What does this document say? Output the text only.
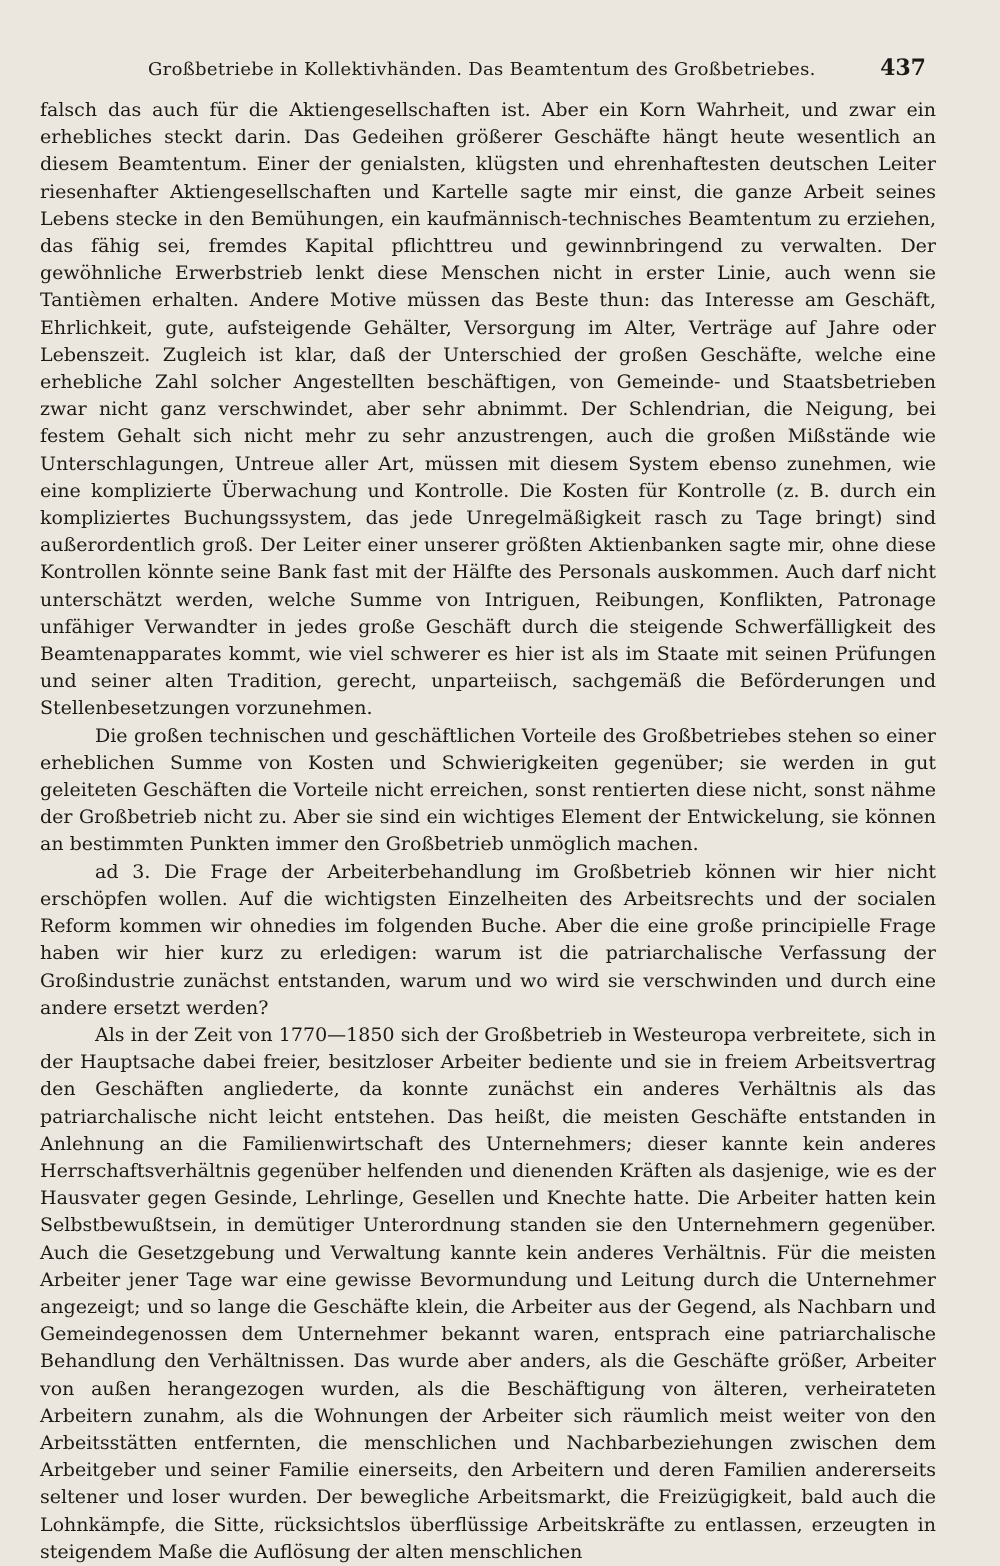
Großbetriebe in Kollektivhänden. Das Beamtentum des Großbetriebes.	437

falsch das auch für die Aktiengesellschaften ist. Aber ein Korn Wahrheit, und zwar ein erhebliches steckt darin. Das Gedeihen größerer Geschäfte hängt heute wesentlich an diesem Beamtentum. Einer der genialsten, klügsten und ehrenhaftesten deutschen Leiter riesenhafter Aktiengesellschaften und Kartelle sagte mir einst, die ganze Arbeit seines Lebens stecke in den Bemühungen, ein kaufmännisch-technisches Beamtentum zu erziehen, das fähig sei, fremdes Kapital pflichttreu und gewinnbringend zu verwalten. Der gewöhnliche Erwerbstrieb lenkt diese Menschen nicht in erster Linie, auch wenn sie Tantièmen erhalten. Andere Motive müssen das Beste thun: das Interesse am Geschäft, Ehrlichkeit, gute, aufsteigende Gehälter, Versorgung im Alter, Verträge auf Jahre oder Lebenszeit. Zugleich ist klar, daß der Unterschied der großen Geschäfte, welche eine erhebliche Zahl solcher Angestellten beschäftigen, von Gemeinde- und Staatsbetrieben zwar nicht ganz verschwindet, aber sehr abnimmt. Der Schlendrian, die Neigung, bei festem Gehalt sich nicht mehr zu sehr anzustrengen, auch die großen Mißstände wie Unterschlagungen, Untreue aller Art, müssen mit diesem System ebenso zunehmen, wie eine komplizierte Überwachung und Kontrolle. Die Kosten für Kontrolle (z. B. durch ein kompliziertes Buchungssystem, das jede Unregelmäßigkeit rasch zu Tage bringt) sind außerordentlich groß. Der Leiter einer unserer größten Aktienbanken sagte mir, ohne diese Kontrollen könnte seine Bank fast mit der Hälfte des Personals auskommen. Auch darf nicht unterschätzt werden, welche Summe von Intriguen, Reibungen, Konflikten, Patronage unfähiger Verwandter in jedes große Geschäft durch die steigende Schwerfälligkeit des Beamtenapparates kommt, wie viel schwerer es hier ist als im Staate mit seinen Prüfungen und seiner alten Tradition, gerecht, unparteiisch, sachgemäß die Beförderungen und Stellenbesetzungen vorzunehmen.

Die großen technischen und geschäftlichen Vorteile des Großbetriebes stehen so einer erheblichen Summe von Kosten und Schwierigkeiten gegenüber; sie werden in gut geleiteten Geschäften die Vorteile nicht erreichen, sonst rentierten diese nicht, sonst nähme der Großbetrieb nicht zu. Aber sie sind ein wichtiges Element der Entwickelung, sie können an bestimmten Punkten immer den Großbetrieb unmöglich machen.

ad 3. Die Frage der Arbeiterbehandlung im Großbetrieb können wir hier nicht erschöpfen wollen. Auf die wichtigsten Einzelheiten des Arbeitsrechts und der socialen Reform kommen wir ohnedies im folgenden Buche. Aber die eine große principielle Frage haben wir hier kurz zu erledigen: warum ist die patriarchalische Verfassung der Großindustrie zunächst entstanden, warum und wo wird sie verschwinden und durch eine andere ersetzt werden?

Als in der Zeit von 1770—1850 sich der Großbetrieb in Westeuropa verbreitete, sich in der Hauptsache dabei freier, besitzloser Arbeiter bediente und sie in freiem Arbeitsvertrag den Geschäften angliederte, da konnte zunächst ein anderes Verhältnis als das patriarchalische nicht leicht entstehen. Das heißt, die meisten Geschäfte entstanden in Anlehnung an die Familienwirtschaft des Unternehmers; dieser kannte kein anderes Herrschaftsverhältnis gegenüber helfenden und dienenden Kräften als dasjenige, wie es der Hausvater gegen Gesinde, Lehrlinge, Gesellen und Knechte hatte. Die Arbeiter hatten kein Selbstbewußtsein, in demütiger Unterordnung standen sie den Unternehmern gegenüber. Auch die Gesetzgebung und Verwaltung kannte kein anderes Verhältnis. Für die meisten Arbeiter jener Tage war eine gewisse Bevormundung und Leitung durch die Unternehmer angezeigt; und so lange die Geschäfte klein, die Arbeiter aus der Gegend, als Nachbarn und Gemeindegenossen dem Unternehmer bekannt waren, entsprach eine patriarchalische Behandlung den Verhältnissen. Das wurde aber anders, als die Geschäfte größer, Arbeiter von außen herangezogen wurden, als die Beschäftigung von älteren, verheirateten Arbeitern zunahm, als die Wohnungen der Arbeiter sich räumlich meist weiter von den Arbeitsstätten entfernten, die menschlichen und Nachbarbeziehungen zwischen dem Arbeitgeber und seiner Familie einerseits, den Arbeitern und deren Familien andererseits seltener und loser wurden. Der bewegliche Arbeitsmarkt, die Freizügigkeit, bald auch die Lohnkämpfe, die Sitte, rücksichtslos überflüssige Arbeitskräfte zu entlassen, erzeugten in steigendem Maße die Auflösung der alten menschlichen
